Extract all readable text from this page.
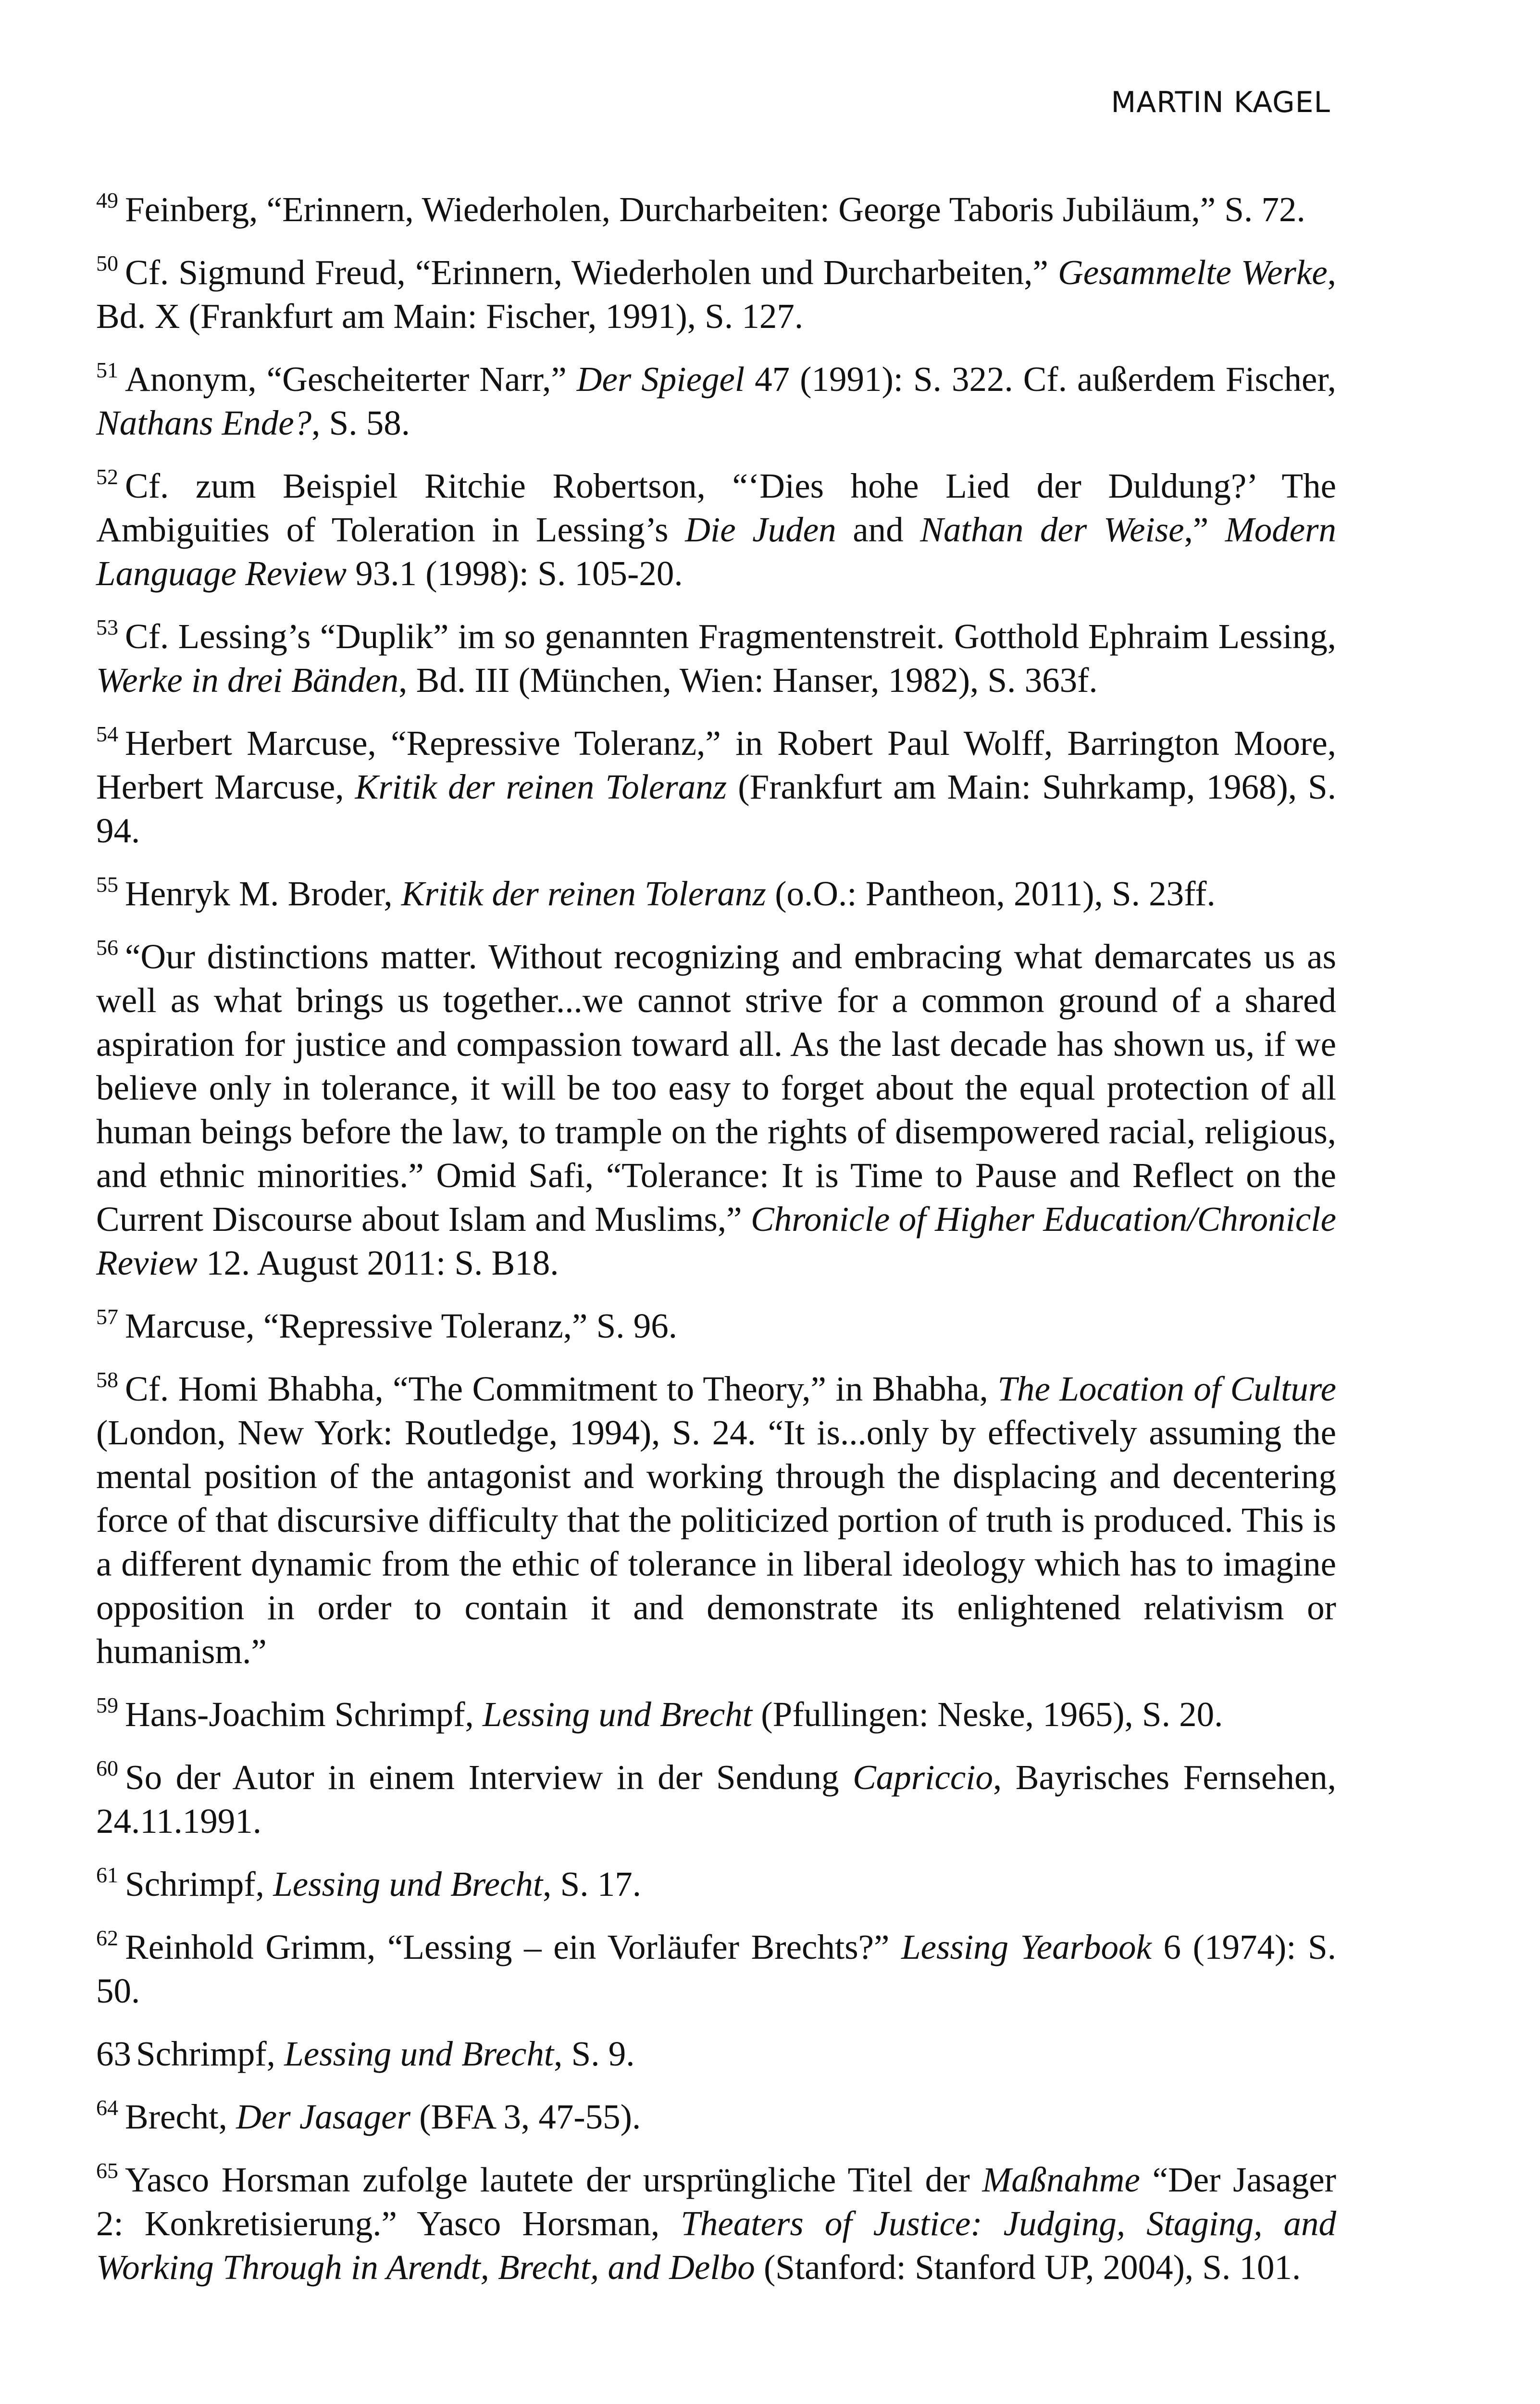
MARTIN KAGEL

$^{49}$ Feinberg, “Erinnern, Wiederholen, Durcharbeiten: George Taboris Jubiläum,” S. 72.

$^{50}$ Cf. Sigmund Freud, “Erinnern, Wiederholen und Durcharbeiten,” Gesammelte Werke, Bd. X (Frankfurt am Main: Fischer, 1991), S. 127.

$^{51}$ Anonym, “Gescheiterter Narr,” Der Spiegel 47 (1991): S. 322. Cf. außerdem Fischer, Nathans Ende?, S. 58.

$^{52}$ Cf. zum Beispiel Ritchie Robertson, “‘Dies hohe Lied der Duldung?’ The Ambiguities of Toleration in Lessing’s Die Juden and Nathan der Weise,” Modern Language Review 93.1 (1998): S. 105-20.

$^{53}$ Cf. Lessing’s “Duplik” im so genannten Fragmentenstreit. Gotthold Ephraim Lessing, Werke in drei Bänden, Bd. III (München, Wien: Hanser, 1982), S. 363f.

$^{54}$ Herbert Marcuse, “Repressive Toleranz,” in Robert Paul Wolff, Barrington Moore, Herbert Marcuse, Kritik der reinen Toleranz (Frankfurt am Main: Suhrkamp, 1968), S. 94.

$^{55}$ Henryk M. Broder, Kritik der reinen Toleranz (o.O.: Pantheon, 2011), S. 23ff.

$^{56}$ “Our distinctions matter. Without recognizing and embracing what demarcates us as well as what brings us together...we cannot strive for a common ground of a shared aspiration for justice and compassion toward all. As the last decade has shown us, if we believe only in tolerance, it will be too easy to forget about the equal protection of all human beings before the law, to trample on the rights of disempowered racial, religious, and ethnic minorities.” Omid Safi, “Tolerance: It is Time to Pause and Reflect on the Current Discourse about Islam and Muslims,” Chronicle of Higher Education/Chronicle Review 12. August 2011: S. B18.

$^{57}$ Marcuse, “Repressive Toleranz,” S. 96.

$^{58}$ Cf. Homi Bhabha, “The Commitment to Theory,” in Bhabha, The Location of Culture (London, New York: Routledge, 1994), S. 24. “It is...only by effectively assuming the mental position of the antagonist and working through the displacing and decentering force of that discursive difficulty that the politicized portion of truth is produced. This is a different dynamic from the ethic of tolerance in liberal ideology which has to imagine opposition in order to contain it and demonstrate its enlightened relativism or humanism.”

$^{59}$ Hans-Joachim Schrimpf, Lessing und Brecht (Pfullingen: Neske, 1965), S. 20.

$^{60}$ So der Autor in einem Interview in der Sendung Capriccio, Bayrisches Fernsehen, 24.11.1991.

$^{61}$ Schrimpf, Lessing und Brecht, S. 17.

$^{62}$ Reinhold Grimm, “Lessing – ein Vorläufer Brechts?” Lessing Yearbook 6 (1974): S. 50.

63 Schrimpf, Lessing und Brecht, S. 9.

$^{64}$ Brecht, Der Jasager (BFA 3, 47-55).

$^{65}$ Yasco Horsman zufolge lautete der ursprüngliche Titel der Maßnahme “Der Jasager 2: Konkretisierung.” Yasco Horsman, Theaters of Justice: Judging, Staging, and Working Through in Arendt, Brecht, and Delbo (Stanford: Stanford UP, 2004), S. 101.
